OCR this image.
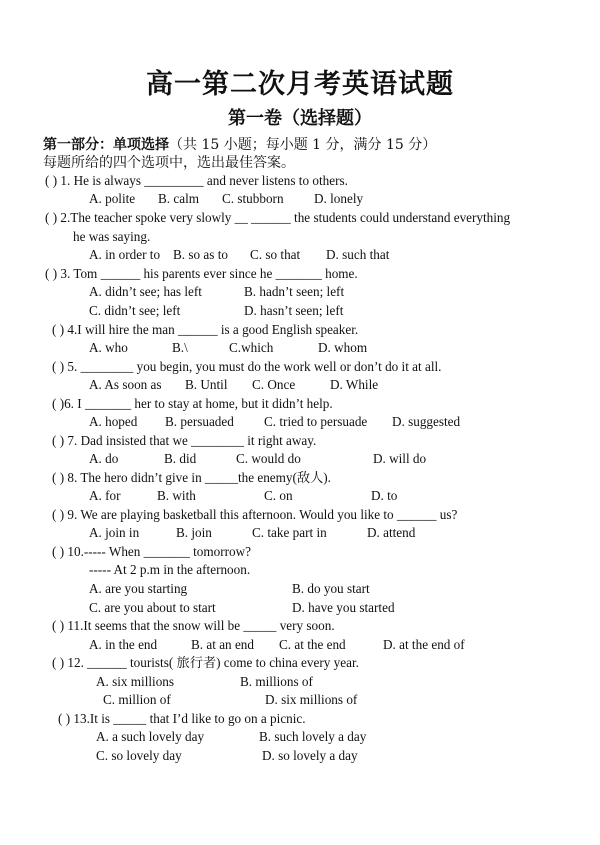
高一第二次月考英语试题
第一卷（选择题）
第一部分：单项选择（共 15 小题；每小题 1 分，满分 15 分）
每题所给的四个选项中，选出最佳答案。
( ) 1. He is always _________ and never listens to others.
A. polite B. calm C. stubborn D. lonely
( ) 2.The teacher spoke very slowly __ ______ the students could understand everything
he was saying.
A. in order to B. so as to C. so that D. such that
( ) 3. Tom ______ his parents ever since he _______ home.
A. didn’t see; has left	B. hadn’t seen; left
C. didn’t see; left	D. hasn’t seen; left
( ) 4.I will hire the man ______ is a good English speaker.
A. who	B.\	C.which	D. whom
( ) 5. ________ you begin, you must do the work well or don’t do it at all.
A. As soon as B. Until C. Once	D. While
( )6. I _______ her to stay at home, but it didn’t help.
A. hoped B. persuaded C. tried to persuade D. suggested
( ) 7. Dad insisted that we ________ it right away.
A. do	B. did	C. would do	D. will do
( ) 8. The hero didn’t give in _____the enemy(敌人).
A. for	B. with	C. on	D. to
( ) 9. We are playing basketball this afternoon. Would you like to ______ us?
A. join in	B. join	C. take part in	D. attend
( ) 10.----- When _______ tomorrow?
----- At 2 p.m in the afternoon.
A. are you starting	B. do you start
C. are you about to start	D. have you started
( ) 11.It seems that the snow will be _____ very soon.
A. in the end	B. at an end C. at the end	D. at the end of
( ) 12. ______ tourists( 旅行者) come to china every year.
A. six millions	B. millions of
C. million of	D. six millions of
( ) 13.It is _____ that I’d like to go on a picnic.
A. a such lovely day	B. such lovely a day
C. so lovely day	D. so lovely a day
